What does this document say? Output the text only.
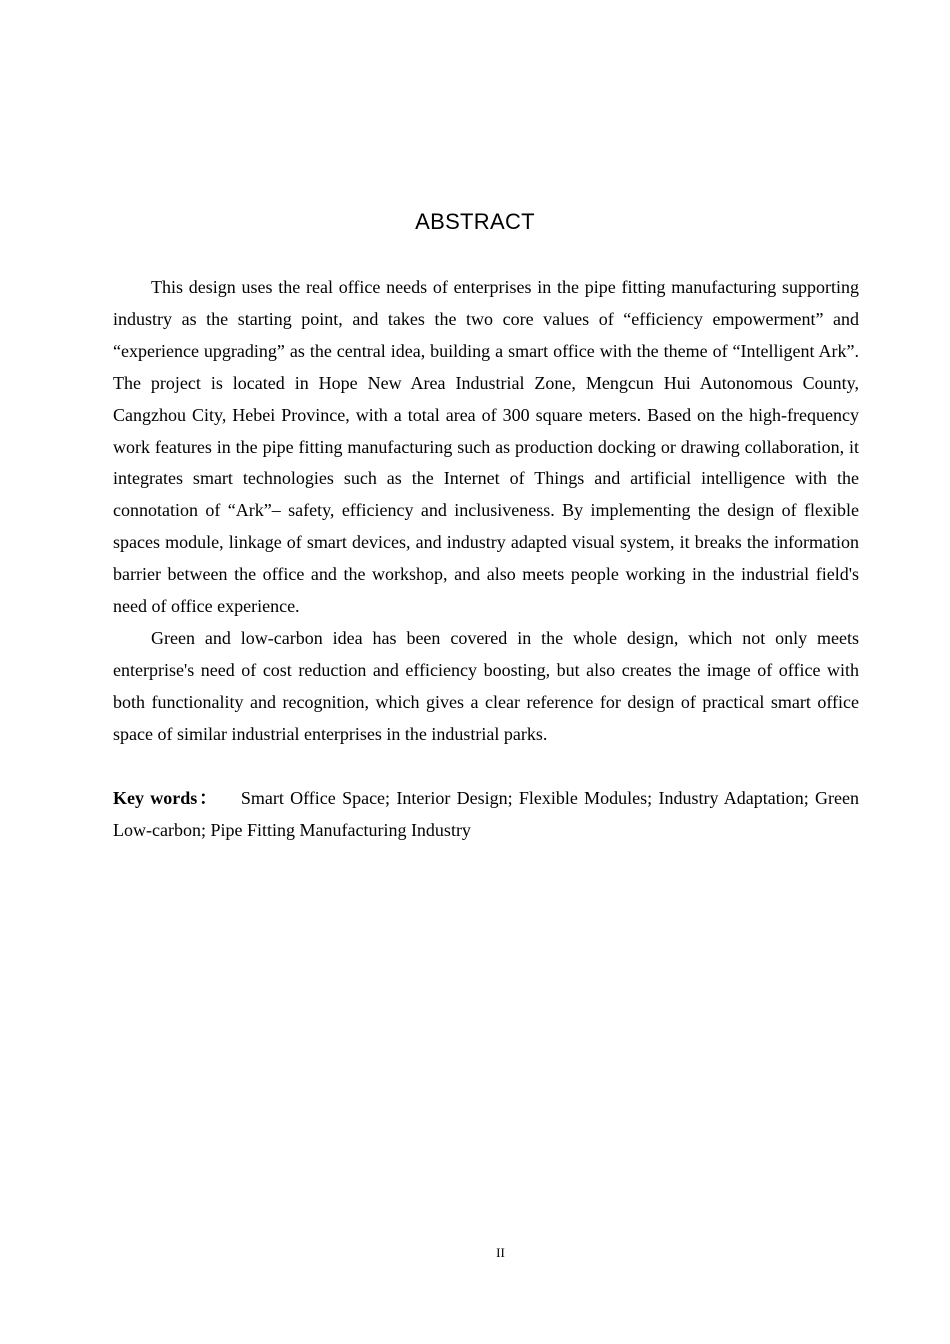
ABSTRACT

This design uses the real office needs of enterprises in the pipe fitting manufacturing supporting industry as the starting point, and takes the two core values of “efficiency empowerment” and “experience upgrading” as the central idea, building a smart office with the theme of “Intelligent Ark”. The project is located in Hope New Area Industrial Zone, Mengcun Hui Autonomous County, Cangzhou City, Hebei Province, with a total area of 300 square meters. Based on the high-frequency work features in the pipe fitting manufacturing such as production docking or drawing collaboration, it integrates smart technologies such as the Internet of Things and artificial intelligence with the connotation of “Ark”– safety, efficiency and inclusiveness. By implementing the design of flexible spaces module, linkage of smart devices, and industry adapted visual system, it breaks the information barrier between the office and the workshop, and also meets people working in the industrial field's need of office experience.

Green and low-carbon idea has been covered in the whole design, which not only meets enterprise's need of cost reduction and efficiency boosting, but also creates the image of office with both functionality and recognition, which gives a clear reference for design of practical smart office space of similar industrial enterprises in the industrial parks.

Key words： Smart Office Space; Interior Design; Flexible Modules; Industry Adaptation; Green Low-carbon; Pipe Fitting Manufacturing Industry

II
